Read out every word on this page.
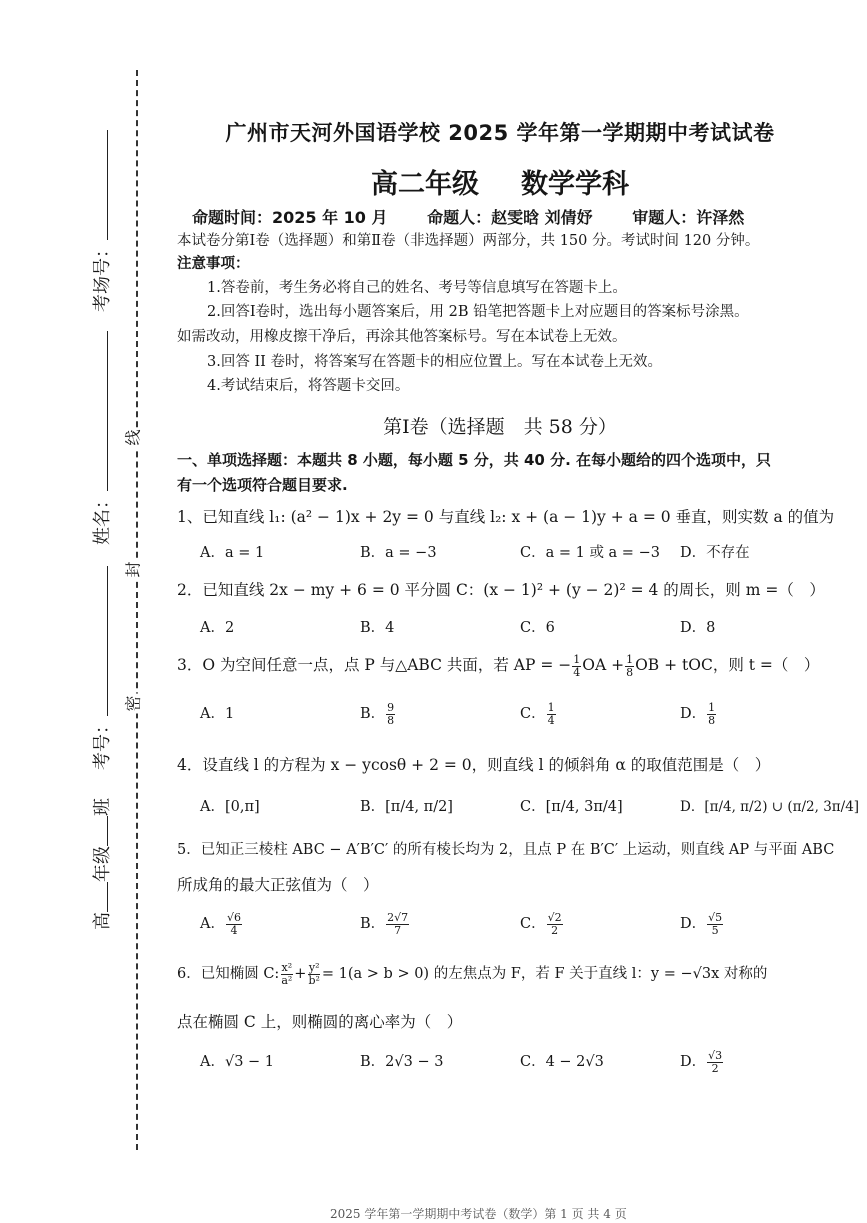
考场号：
姓名：
考号：
高年级班
线
封
密
广州市天河外国语学校 2025 学年第一学期期中考试试卷
高二年级 数学学科
命题时间：2025 年 10 月 命题人：赵雯晗 刘倩妤 审题人：许泽然
本试卷分第Ⅰ卷（选择题）和第Ⅱ卷（非选择题）两部分，共 150 分。考试时间 120 分钟。
注意事项：
1.答卷前，考生务必将自己的姓名、考号等信息填写在答题卡上。
2.回答Ⅰ卷时，选出每小题答案后，用 2B 铅笔把答题卡上对应题目的答案标号涂黑。
如需改动，用橡皮擦干净后，再涂其他答案标号。写在本试卷上无效。
3.回答 II 卷时，将答案写在答题卡的相应位置上。写在本试卷上无效。
4.考试结束后，将答题卡交回。
第Ⅰ卷（选择题　共 58 分）
一、单项选择题：本题共 8 小题，每小题 5 分，共 40 分. 在每小题给的四个选项中，只
有一个选项符合题目要求.
1、已知直线 l₁: (a² − 1)x + 2y = 0 与直线 l₂: x + (a − 1)y + a = 0 垂直，则实数 a 的值为
A．a = 1	B．a = −3	C．a = 1 或 a = −3	D．不存在
2．已知直线 2x − my + 6 = 0 平分圆 C：(x − 1)² + (y − 2)² = 4 的周长，则 m =（　）
A．2	B．4	C．6	D．8
3．O 为空间任意一点，点 P 与△ABC 共面，若 AP = − $\frac{1}{4}$ OA + $\frac{1}{8}$ OB + tOC，则 t =（　）
A．1	B． $\frac{9}{8}$	C． $\frac{1}{4}$	D． $\frac{1}{8}$
4．设直线 l 的方程为 x − ycosθ + 2 = 0，则直线 l 的倾斜角 α 的取值范围是（　）
A．[0,π]	B．[π/4, π/2]	C．[π/4, 3π/4]	D．[π/4, π/2) ∪ (π/2, 3π/4]
5．已知正三棱柱 ABC − A′B′C′ 的所有棱长均为 2，且点 P 在 B′C′ 上运动，则直线 AP 与平面 ABC
所成角的最大正弦值为（　）
A． $\frac{√6}{4}$	B． $\frac{2√7}{7}$	C． $\frac{√2}{2}$	D． $\frac{√5}{5}$
6．已知椭圆 C: $\frac{\text{x²}}{\text{a²}} + \frac{\text{y²}}{\text{b²}} = 1(a > b > 0)$ 的左焦点为 F，若 F 关于直线 l：y = −√3x 对称的
点在椭圆 C 上，则椭圆的离心率为（　）
A．√3 − 1	B．2√3 − 3	C．4 − 2√3	D． $\frac{√3}{2}$
2025 学年第一学期期中考试卷（数学）第 1 页 共 4 页
